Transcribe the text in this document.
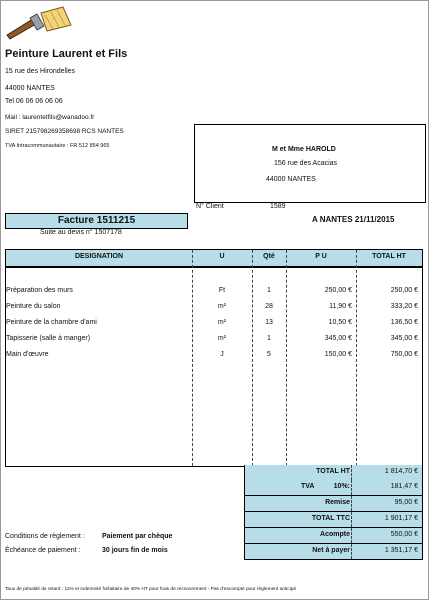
Peinture Laurent et Fils
15 rue des Hirondelles
44000 NANTES
Tel 06 06 06 06 06
Mail : laurentetfils@wanadoo.fr
SIRET 215798269358698 RCS NANTES
TVA Intracommunautaire : FR 512 854 965	M et Mme HAROLD
156 rue des Acacias
44000 NANTES
N° Client	1589
Facture 1511215
Suite au devis n° 1507178
A NANTES 21/11/2015
DESIGNATION	U	Qté	P U	TOTAL HT
Préparation des murs	Ft	1	250,00 €	250,00 €
Peinture du salon	m²	28	11,90 €	333,20 €
Peinture de la chambre d'ami	m²	13	10,50 €	136,50 €
Tapisserie (salle à manger)	m²	1	345,00 €	345,00 €
Main d'œuvre	J	5	150,00 €	750,00 €
TOTAL HT	1 814,70 €
TVA          10%:	181,47 €
Remise	95,00 €
TOTAL TTC	1 901,17 €
Acompte	550,00 €
Net à payer	1 351,17 €
Conditions de règlement : Paiement par chèque
Échéance de paiement :	30 jours fin de mois
Taux de pénalité de retard : 11% et indemnité forfaitaire de 40% HT pour frais de recouvrement - Pas d'escompte pour règlement anticipé
